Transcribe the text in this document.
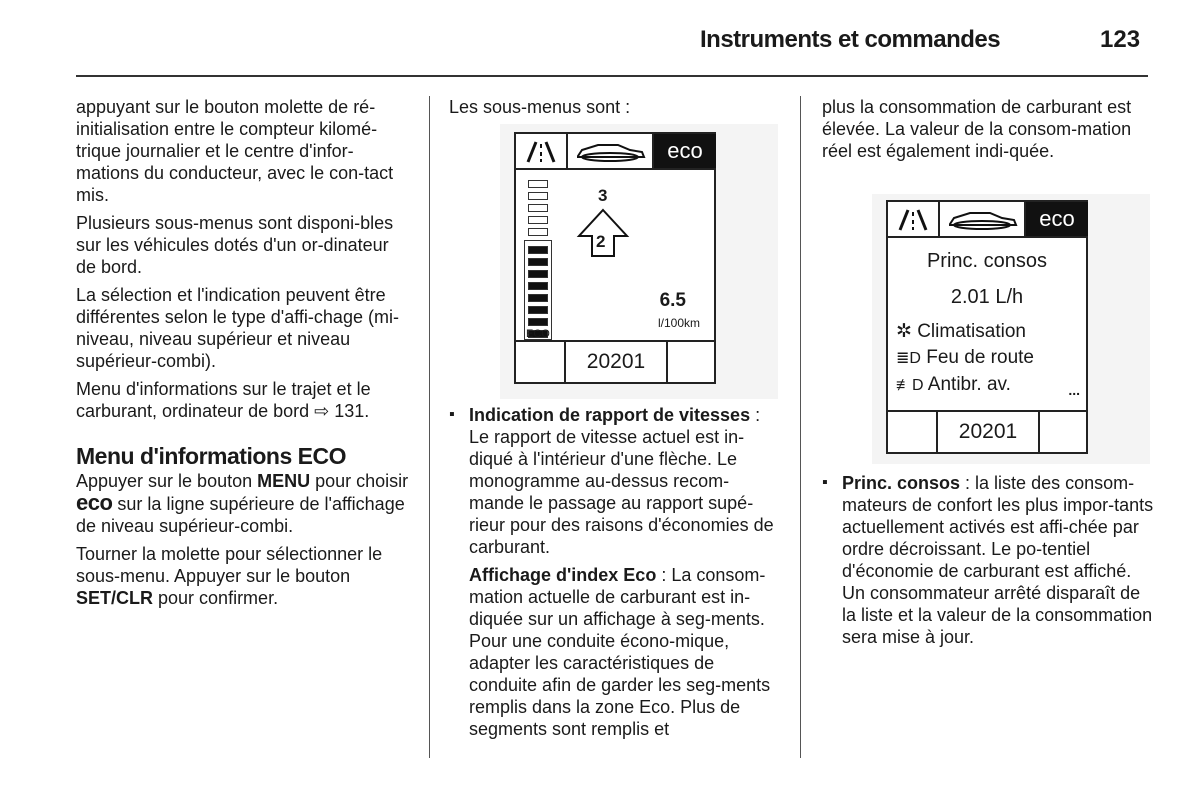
Instruments et commandes	123

appuyant sur le bouton molette de ré-initialisation entre le compteur kilomé-trique journalier et le centre d'infor-mations du conducteur, avec le con-tact mis.

Plusieurs sous-menus sont disponi-bles sur les véhicules dotés d'un or-dinateur de bord.

La sélection et l'indication peuvent être différentes selon le type d'affi-chage (mi-niveau, niveau supérieur et niveau supérieur-combi).

Menu d'informations sur le trajet et le carburant, ordinateur de bord ⇨ 131.

Menu d'informations ECO

Appuyer sur le bouton MENU pour choisir eco sur la ligne supérieure de l'affichage de niveau supérieur-combi.

Tourner la molette pour sélectionner le sous-menu. Appuyer sur le bouton SET/CLR pour confirmer.

Les sous-menus sont :

eco
ECO
3
2
6.5
l/100km
20201

▪ Indication de rapport de vitesses : Le rapport de vitesse actuel est in-diqué à l'intérieur d'une flèche. Le monogramme au-dessus recom-mande le passage au rapport supé-rieur pour des raisons d'économies de carburant.

Affichage d'index Eco : La consom-mation actuelle de carburant est in-diquée sur un affichage à seg-ments. Pour une conduite écono-mique, adapter les caractéristiques de conduite afin de garder les seg-ments remplis dans la zone Eco. Plus de segments sont remplis et

plus la consommation de carburant est élevée. La valeur de la consom-mation réel est également indi-quée.

eco
Princ. consos
2.01 L/h
✲ Climatisation
≣D Feu de route
≢D Antibr. av.	...
20201

▪ Princ. consos : la liste des consom-mateurs de confort les plus impor-tants actuellement activés est affi-chée par ordre décroissant. Le po-tentiel d'économie de carburant est affiché. Un consommateur arrêté disparaît de la liste et la valeur de la consommation sera mise à jour.
